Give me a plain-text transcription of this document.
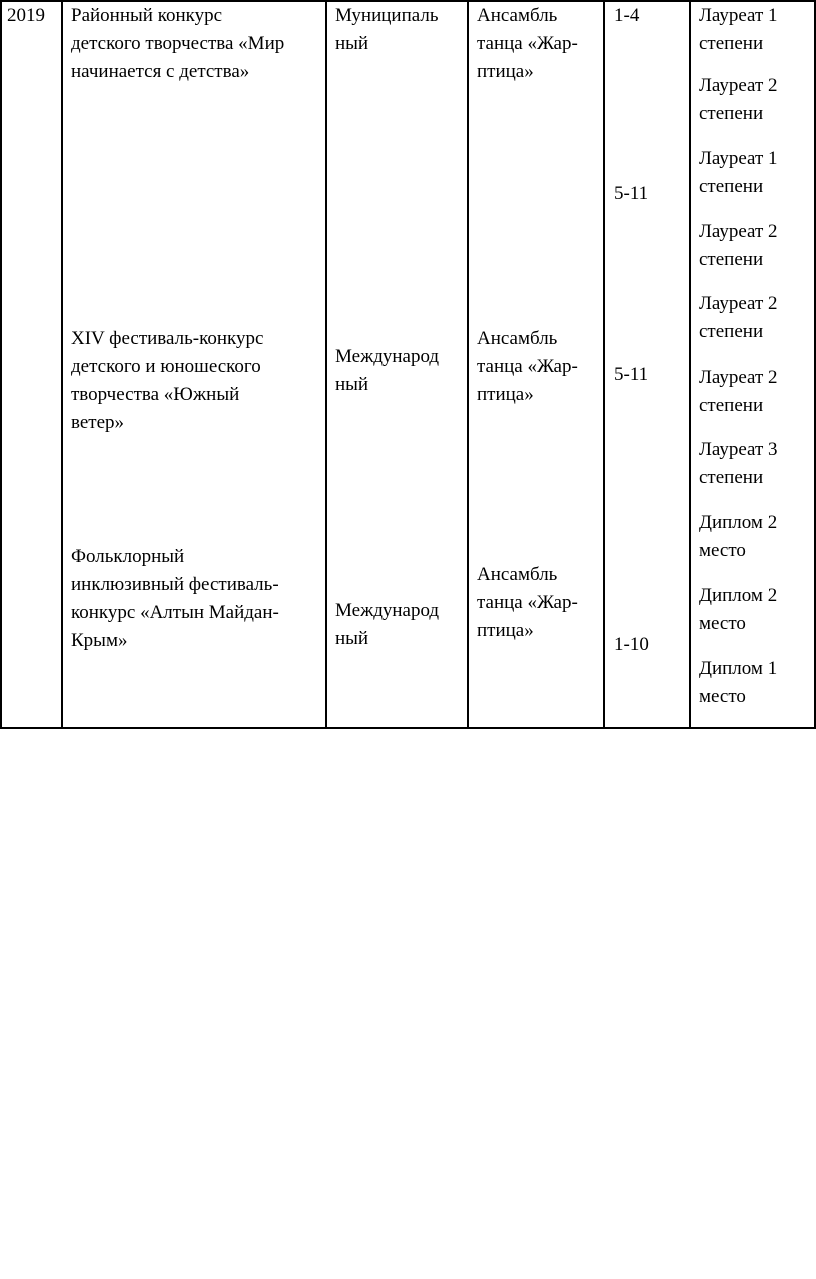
2019 Районный конкурс
детского творчества «Мир
начинается с детства»
XIV фестиваль-конкурс
детского и юношеского
творчества «Южный
ветер»
Фольклорный
инклюзивный фестиваль-
конкурс «Алтын Майдан-
Крым»
Муниципаль
ный
Международ
ный
Международ
ный
Ансамбль
танца «Жар-
птица»
Ансамбль
танца «Жар-
птица»
Ансамбль
танца «Жар-
птица»
1-4
5-11
5-11
1-10
Лауреат 1
степени
Лауреат 2
степени
Лауреат 1
степени
Лауреат 2
степени
Лауреат 2
степени
Лауреат 2
степени
Лауреат 3
степени
Диплом 2
место
Диплом 2
место
Диплом 1
место
